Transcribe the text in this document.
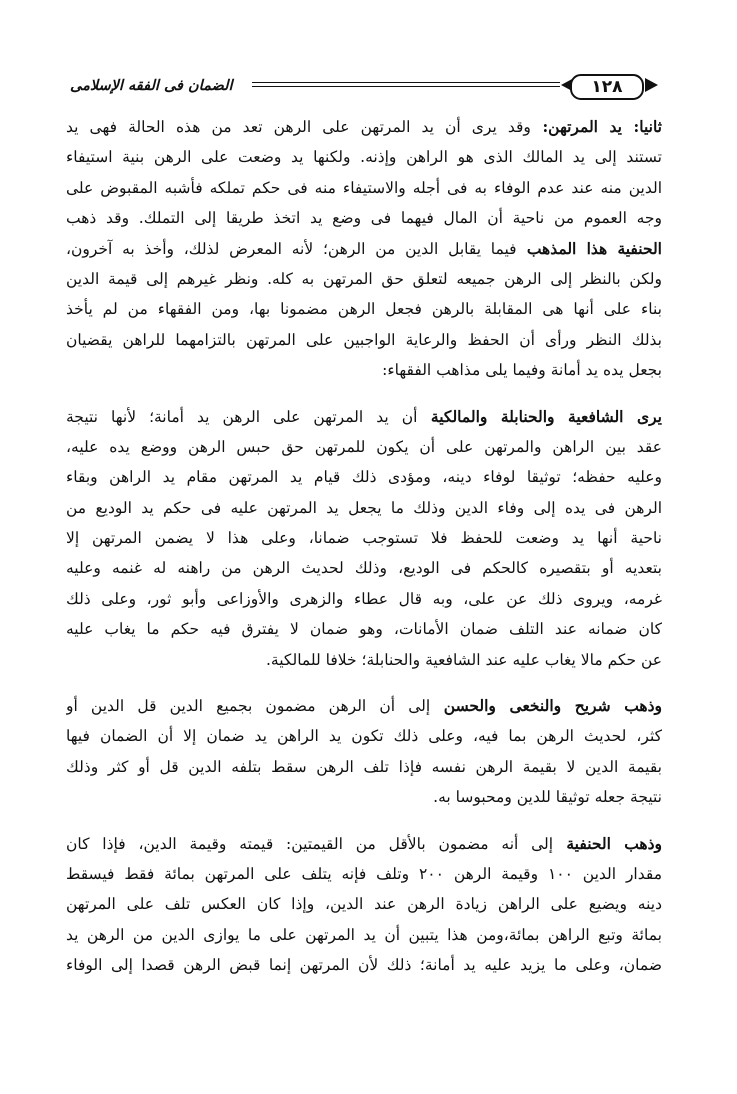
الضمان فى الفقه الإسلامى	١٢٨
ثانيا: يد المرتهن: وقد يرى أن يد المرتهن على الرهن تعد من هذه الحالة فهى يد
تستند إلى يد المالك الذى هو الراهن وإذنه. ولكنها يد وضعت على الرهن بنية استيفاء
الدين منه عند عدم الوفاء به فى أجله والاستيفاء منه فى حكم تملكه فأشبه المقبوض على
وجه العموم من ناحية أن المال فيهما فى وضع يد اتخذ طريقا إلى التملك. وقد ذهب
الحنفية هذا المذهب فيما يقابل الدين من الرهن؛ لأنه المعرض لذلك، وأخذ به آخرون،
ولكن بالنظر إلى الرهن جميعه لتعلق حق المرتهن به كله. ونظر غيرهم إلى قيمة الدين
بناء على أنها هى المقابلة بالرهن فجعل الرهن مضمونا بها، ومن الفقهاء من لم يأخذ
بذلك النظر ورأى أن الحفظ والرعاية الواجبين على المرتهن بالتزامهما للراهن يقضيان
بجعل يده يد أمانة وفيما يلى مذاهب الفقهاء:
يرى الشافعية والحنابلة والمالكية أن يد المرتهن على الرهن يد أمانة؛ لأنها نتيجة
عقد بين الراهن والمرتهن على أن يكون للمرتهن حق حبس الرهن ووضع يده عليه،
وعليه حفظه؛ توثيقا لوفاء دينه، ومؤدى ذلك قيام يد المرتهن مقام يد الراهن وبقاء
الرهن فى يده إلى وفاء الدين وذلك ما يجعل يد المرتهن عليه فى حكم يد الوديع من
ناحية أنها يد وضعت للحفظ فلا تستوجب ضمانا، وعلى هذا لا يضمن المرتهن إلا
بتعديه أو بتقصيره كالحكم فى الوديع، وذلك لحديث الرهن من راهنه له غنمه وعليه
غرمه، ويروى ذلك عن على، وبه قال عطاء والزهرى والأوزاعى وأبو ثور، وعلى ذلك
كان ضمانه عند التلف ضمان الأمانات، وهو ضمان لا يفترق فيه حكم ما يغاب عليه
عن حكم مالا يغاب عليه عند الشافعية والحنابلة؛ خلافا للمالكية.
وذهب شريح والنخعى والحسن إلى أن الرهن مضمون بجميع الدين قل الدين أو
كثر، لحديث الرهن بما فيه، وعلى ذلك تكون يد الراهن يد ضمان إلا أن الضمان فيها
بقيمة الدين لا بقيمة الرهن نفسه فإذا تلف الرهن سقط بتلفه الدين قل أو كثر وذلك
نتيجة جعله توثيقا للدين ومحبوسا به.
وذهب الحنفية إلى أنه مضمون بالأقل من القيمتين: قيمته وقيمة الدين، فإذا كان
مقدار الدين ١٠٠ وقيمة الرهن ٢٠٠ وتلف فإنه يتلف على المرتهن بمائة فقط فيسقط
دينه ويضيع على الراهن زيادة الرهن عند الدين، وإذا كان العكس تلف على المرتهن
بمائة وتبع الراهن بمائة،ومن هذا يتبين أن يد المرتهن على ما يوازى الدين من الرهن يد
ضمان، وعلى ما يزيد عليه يد أمانة؛ ذلك لأن المرتهن إنما قبض الرهن قصدا إلى الوفاء
